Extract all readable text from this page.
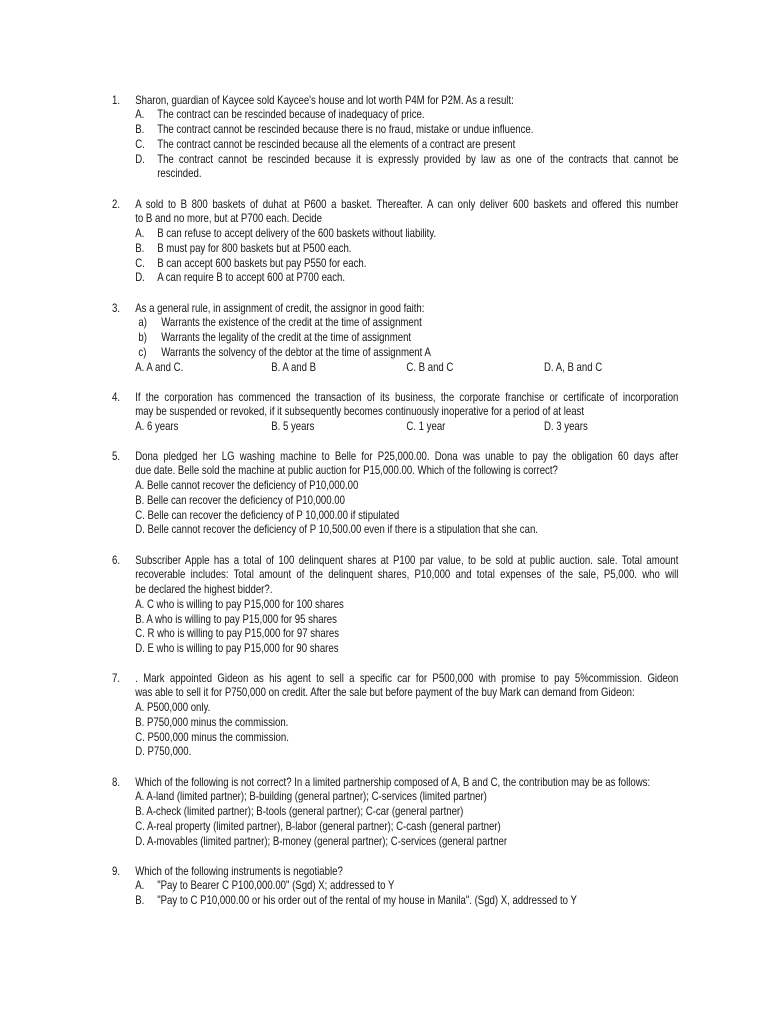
1. Sharon, guardian of Kaycee sold Kaycee's house and lot worth P4M for P2M. As a result:
A. The contract can be rescinded because of inadequacy of price.
B. The contract cannot be rescinded because there is no fraud, mistake or undue influence.
C. The contract cannot be rescinded because all the elements of a contract are present
D. The contract cannot be rescinded because it is expressly provided by law as one of the contracts that cannot be rescinded.
2. A sold to B 800 baskets of duhat at P600 a basket. Thereafter. A can only deliver 600 baskets and offered this number
to B and no more, but at P700 each. Decide
A. B can refuse to accept delivery of the 600 baskets without liability.
B. B must pay for 800 baskets but at P500 each.
C. B can accept 600 baskets but pay P550 for each.
D. A can require B to accept 600 at P700 each.
3. As a general rule, in assignment of credit, the assignor in good faith:
a) Warrants the existence of the credit at the time of assignment
b) Warrants the legality of the credit at the time of assignment
c) Warrants the solvency of the debtor at the time of assignment A
A. A and C.	B. A and B	C. B and C	D. A, B and C
4. If the corporation has commenced the transaction of its business, the corporate franchise or certificate of incorporation
may be suspended or revoked, if it subsequently becomes continuously inoperative for a period of at least
A. 6 years	B. 5 years	C. 1 year	D. 3 years
5. Dona pledged her LG washing machine to Belle for P25,000.00. Dona was unable to pay the obligation 60 days after
due date. Belle sold the machine at public auction for P15,000.00. Which of the following is correct?
A. Belle cannot recover the deficiency of P10,000.00
B. Belle can recover the deficiency of P10,000.00
C. Belle can recover the deficiency of P 10,000.00 if stipulated
D. Belle cannot recover the deficiency of P 10,500.00 even if there is a stipulation that she can.
6. Subscriber Apple has a total of 100 delinquent shares at P100 par value, to be sold at public auction. sale. Total amount
recoverable includes: Total amount of the delinquent shares, P10,000 and total expenses of the sale, P5,000. who will
be declared the highest bidder?.
A. C who is willing to pay P15,000 for 100 shares
B. A who is willing to pay P15,000 for 95 shares
C. R who is willing to pay P15,000 for 97 shares
D. E who is willing to pay P15,000 for 90 shares
7. . Mark appointed Gideon as his agent to sell a specific car for P500,000 with promise to pay 5%commission. Gideon
was able to sell it for P750,000 on credit. After the sale but before payment of the buy Mark can demand from Gideon:
A. P500,000 only.
B. P750,000 minus the commission.
C. P500,000 minus the commission.
D. P750,000.
8. Which of the following is not correct? In a limited partnership composed of A, B and C, the contribution may be as follows:
A. A-land (limited partner); B-building (general partner); C-services (limited partner)
B. A-check (limited partner); B-tools (general partner); C-car (general partner)
C. A-real property (limited partner), B-labor (general partner); C-cash (general partner)
D. A-movables (limited partner); B-money (general partner); C-services (general partner
9. Which of the following instruments is negotiable?
A. "Pay to Bearer C P100,000.00" (Sgd) X; addressed to Y
B. "Pay to C P10,000.00 or his order out of the rental of my house in Manila". (Sgd) X, addressed to Y
